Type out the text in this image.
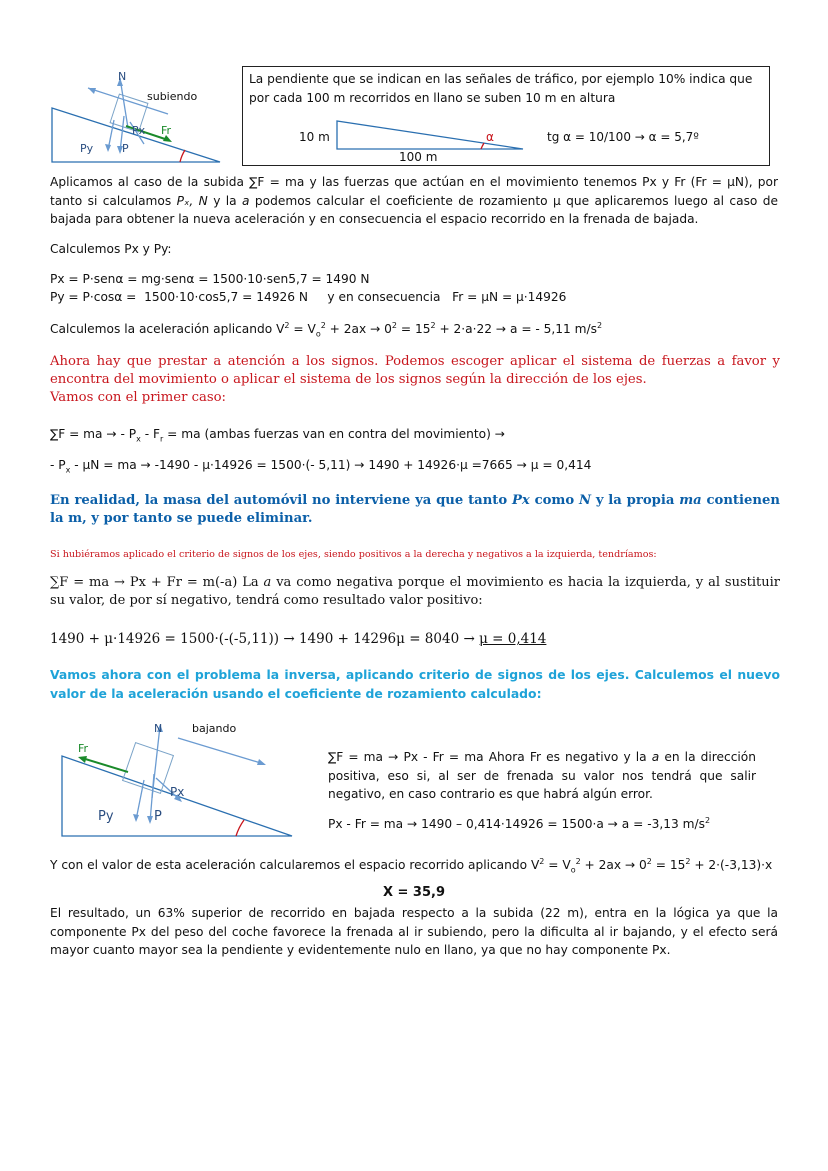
N
subiendo
Px Fr
Py	P

La pendiente que se indican en las señales de tráfico, por ejemplo 10% indica que por cada 100 m recorridos en llano se suben 10 m en altura

10 m	α
100 m
tg α = 10/100 → α = 5,7º

Aplicamos al caso de la subida ∑F = ma y las fuerzas que actúan en el movimiento tenemos Px y Fr (Fr = μN), por tanto si calculamos Pₓ, N y la a podemos calcular el coeficiente de rozamiento μ que aplicaremos luego al caso de bajada para obtener la nueva aceleración y en consecuencia el espacio recorrido en la frenada de bajada.

Calculemos Px y Py:

Px = P·senα = mg·senα = 1500·10·sen5,7 = 1490 N

Py = P·cosα =  1500·10·cos5,7 = 14926 N     y en consecuencia   Fr = μN = μ·14926

Calculemos la aceleración aplicando $V^2 = V_o^2 + 2ax \to 0^2 = 15^2 + 2\cdot a\cdot 22 \to a$ = - 5,11 $m/s^2$

Ahora hay que prestar a atención a los signos. Podemos escoger aplicar el sistema de fuerzas a favor y encontra del movimiento o aplicar el sistema de los signos según la dirección de los ejes.
Vamos con el primer caso:

∑F = ma → - $P_x - F_r$ = ma (ambas fuerzas van en contra del movimiento) →

- $P_x$ - μN = ma → -1490 - μ·14926 = 1500·(- 5,11) → 1490 + 14926·μ =7665 → μ = 0,414

En realidad, la masa del automóvil no interviene ya que tanto Px como N y la propia ma contienen la m, y por tanto se puede eliminar.

Si hubiéramos aplicado el criterio de signos de los ejes, siendo positivos a la derecha y negativos a la izquierda, tendríamos:

∑F = ma → Px + Fr = m(-a) La a va como negativa porque el movimiento es hacia la izquierda, y al sustituir su valor, de por sí negativo, tendrá como resultado valor positivo:

1490 + μ·14926 = 1500·(-(-5,11)) → 1490 + 14296μ = 8040 → μ = 0,414

Vamos ahora con el problema la inversa, aplicando criterio de signos de los ejes. Calculemos el nuevo valor de la aceleración usando el coeficiente de rozamiento calculado:

N	bajando
Fr
Px
Py	P

∑F = ma → Px - Fr = ma Ahora Fr es negativo y la a en la dirección positiva, eso si, al ser de frenada su valor nos tendrá que salir negativo, en caso contrario es que habrá algún error.

Px - Fr = ma → 1490 – 0,414·14926 = 1500·a → a = -3,13 $m/s^2$

Y con el valor de esta aceleración calcularemos el espacio recorrido aplicando $V^2 = V_o^2 + 2ax \to 0^2 = 15^2 + 2\cdot(-3,13)\cdot x$

X = 35,9

El resultado, un 63% superior de recorrido en bajada respecto a la subida (22 m), entra en la lógica ya que la componente Px del peso del coche favorece la frenada al ir subiendo, pero la dificulta al ir bajando, y el efecto será mayor cuanto mayor sea la pendiente y evidentemente nulo en llano, ya que no hay componente Px.
